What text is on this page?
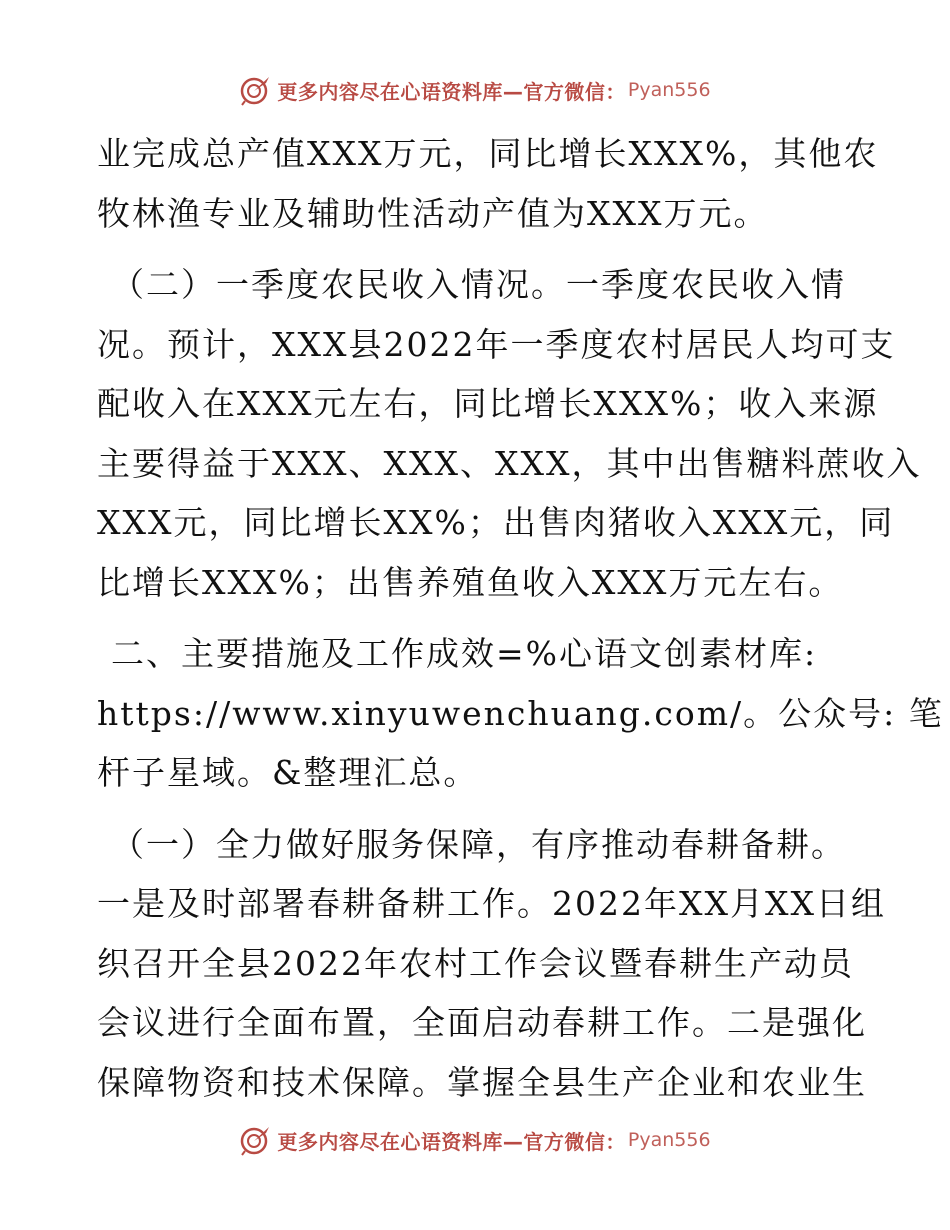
更多内容尽在心语资料库—官方微信： Pyan556
业完成总产值XXX万元，同比增长XXX%，其他农
牧林渔专业及辅助性活动产值为XXX万元。
（二）一季度农民收入情况。一季度农民收入情
况。预计，XXX县2022年一季度农村居民人均可支
配收入在XXX元左右，同比增长XXX%；收入来源
主要得益于XXX、XXX、XXX，其中出售糖料蔗收入
XXX元，同比增长XX%；出售肉猪收入XXX元，同
比增长XXX%；出售养殖鱼收入XXX万元左右。
二、主要措施及工作成效=%心语文创素材库:
https://www.xinyuwenchuang.com/。公众号: 笔
杆子星域。&整理汇总。
（一）全力做好服务保障，有序推动春耕备耕。
一是及时部署春耕备耕工作。2022年XX月XX日组
织召开全县2022年农村工作会议暨春耕生产动员
会议进行全面布置，全面启动春耕工作。二是强化
保障物资和技术保障。掌握全县生产企业和农业生
更多内容尽在心语资料库—官方微信： Pyan556
